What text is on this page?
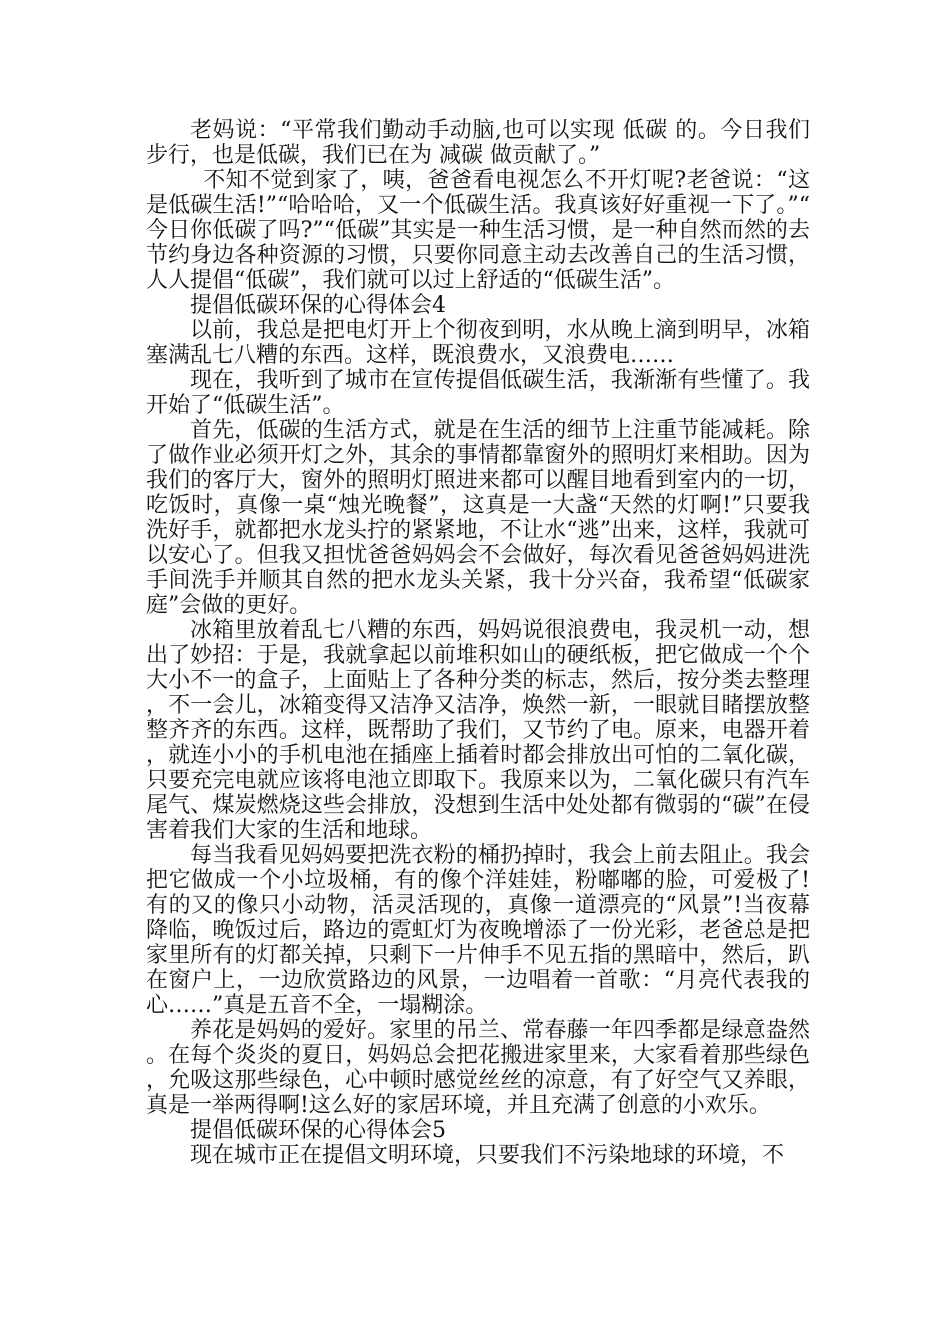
老妈说：“平常我们勤动手动脑,也可以实现 低碳 的。今日我们步行，也是低碳，我们已在为 减碳 做贡献了。”

不知不觉到家了，咦，爸爸看电视怎么不开灯呢?老爸说：“这是低碳生活!”“哈哈哈，又一个低碳生活。我真该好好重视一下了。”“今日你低碳了吗?”“低碳”其实是一种生活习惯，是一种自然而然的去节约身边各种资源的习惯，只要你同意主动去改善自己的生活习惯，人人提倡“低碳”，我们就可以过上舒适的“低碳生活”。

提倡低碳环保的心得体会4

以前，我总是把电灯开上个彻夜到明，水从晚上滴到明早，冰箱塞满乱七八糟的东西。这样，既浪费水，又浪费电……

现在，我听到了城市在宣传提倡低碳生活，我渐渐有些懂了。我开始了“低碳生活”。

首先，低碳的生活方式，就是在生活的细节上注重节能减耗。除了做作业必须开灯之外，其余的事情都靠窗外的照明灯来相助。因为我们的客厅大，窗外的照明灯照进来都可以醒目地看到室内的一切，吃饭时，真像一桌“烛光晚餐”，这真是一大盏“天然的灯啊!”只要我洗好手，就都把水龙头拧的紧紧地，不让水“逃”出来，这样，我就可以安心了。但我又担忧爸爸妈妈会不会做好，每次看见爸爸妈妈进洗手间洗手并顺其自然的把水龙头关紧，我十分兴奋，我希望“低碳家庭”会做的更好。

冰箱里放着乱七八糟的东西，妈妈说很浪费电，我灵机一动，想出了妙招：于是，我就拿起以前堆积如山的硬纸板，把它做成一个个大小不一的盒子，上面贴上了各种分类的标志，然后，按分类去整理，不一会儿，冰箱变得又洁净又洁净，焕然一新，一眼就目睹摆放整整齐齐的东西。这样，既帮助了我们，又节约了电。原来，电器开着，就连小小的手机电池在插座上插着时都会排放出可怕的二氧化碳，只要充完电就应该将电池立即取下。我原来以为，二氧化碳只有汽车尾气、煤炭燃烧这些会排放，没想到生活中处处都有微弱的“碳”在侵害着我们大家的生活和地球。

每当我看见妈妈要把洗衣粉的桶扔掉时，我会上前去阻止。我会把它做成一个小垃圾桶，有的像个洋娃娃，粉嘟嘟的脸，可爱极了!有的又的像只小动物，活灵活现的，真像一道漂亮的“风景”!当夜幕降临，晚饭过后，路边的霓虹灯为夜晚增添了一份光彩，老爸总是把家里所有的灯都关掉，只剩下一片伸手不见五指的黑暗中，然后，趴在窗户上，一边欣赏路边的风景，一边唱着一首歌：“月亮代表我的心……”真是五音不全，一塌糊涂。

养花是妈妈的爱好。家里的吊兰、常春藤一年四季都是绿意盎然。在每个炎炎的夏日，妈妈总会把花搬进家里来，大家看着那些绿色，允吸这那些绿色，心中顿时感觉丝丝的凉意，有了好空气又养眼，真是一举两得啊!这么好的家居环境，并且充满了创意的小欢乐。

提倡低碳环保的心得体会5

现在城市正在提倡文明环境，只要我们不污染地球的环境，不
